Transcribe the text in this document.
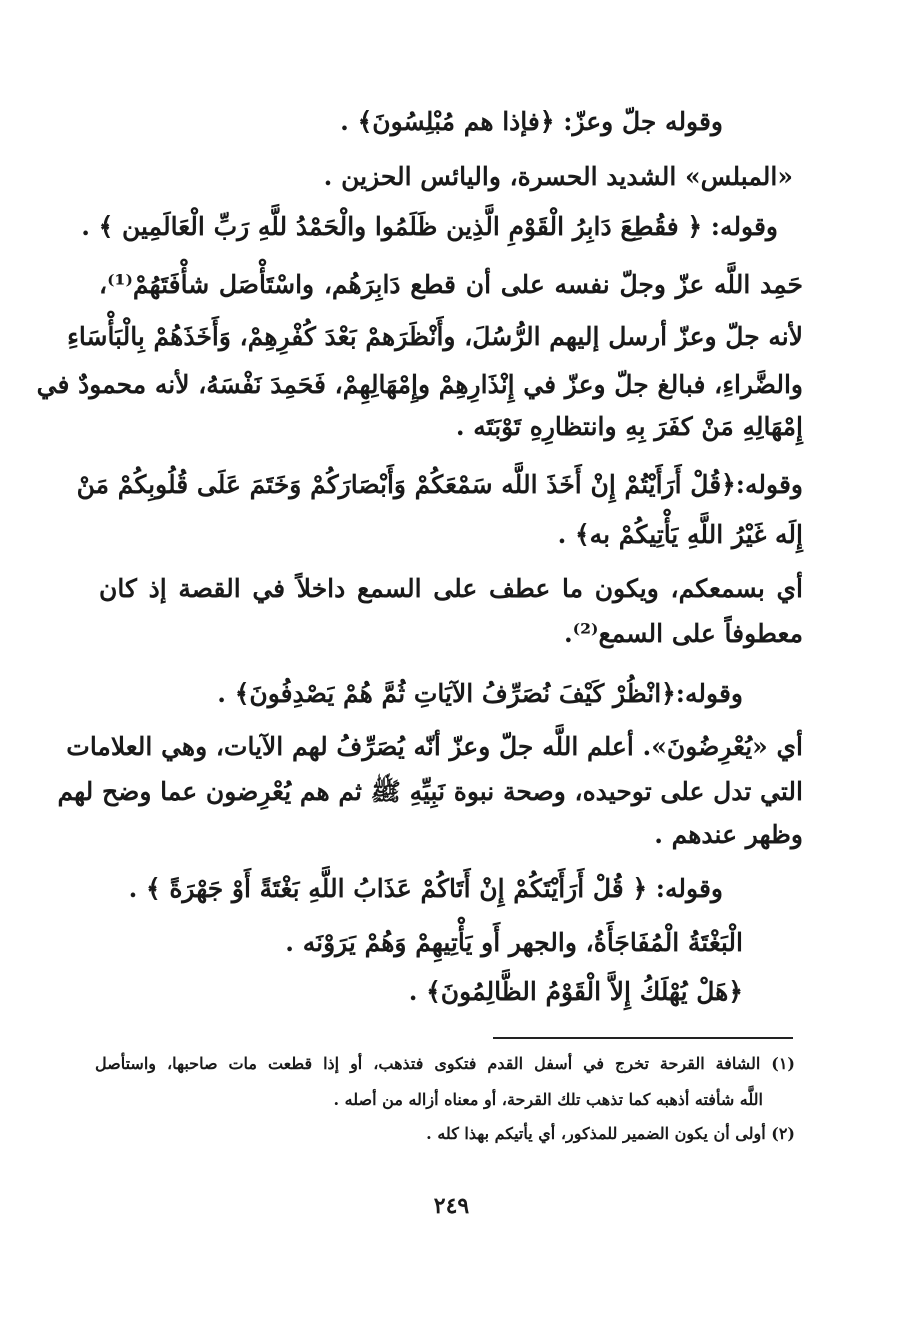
وقوله جلّ وعزّ: ﴿فإذا هم مُبْلِسُونَ﴾ .
«المبلس» الشديد الحسرة، واليائس الحزين .
وقوله: ﴿ فقُطِعَ دَابِرُ الْقَوْمِ الَّذِين ظَلَمُوا والْحَمْدُ للَّهِ رَبِّ الْعَالَمِين ﴾ .
حَمِد اللَّه عزّ وجلّ نفسه على أن قطع دَابِرَهُم، واسْتَأْصَل شأْفَتَهُمْ⁽¹⁾،
لأنه جلّ وعزّ أرسل إليهم الرُّسُلَ، وأَنْظَرَهمْ بَعْدَ كُفْرِهِمْ، وَأَخَذَهُمْ بِالْبَأْسَاءِ
والضَّراءِ، فبالغ جلّ وعزّ في إِنْذَارِهِمْ وإِمْهَالِهِمْ، فَحَمِدَ نَفْسَهُ، لأنه محمودٌ في
إِمْهَالِهِ مَنْ كفَرَ بِهِ وانتظارِهِ تَوْبَتَه .
وقوله:﴿قُلْ أَرَأَيْتُمْ إِنْ أَخَذَ اللَّه سَمْعَكُمْ وَأَبْصَارَكُمْ وَخَتَمَ عَلَى قُلُوبِكُمْ مَنْ
إِلَه غَيْرُ اللَّهِ يَأْتِيكُمْ به﴾ .
أي بسمعكم، ويكون ما عطف على السمع داخلاً في القصة إذ كان
معطوفاً على السمع⁽²⁾.
وقوله:﴿انْظُرْ كَيْفَ نُصَرِّفُ الآيَاتِ ثُمَّ هُمْ يَصْدِفُونَ﴾ .
أي «يُعْرِضُونَ». أعلم اللَّه جلّ وعزّ أنّه يُصَرِّفُ لهم الآيات، وهي العلامات
التي تدل على توحيده، وصحة نبوة نَبِيِّهِ ﷺ ثم هم يُعْرِضون عما وضح لهم
وظهر عندهم .
وقوله: ﴿ قُلْ أَرَأَيْتَكُمْ إِنْ أَتَاكُمْ عَذَابُ اللَّهِ بَغْتَةً أَوْ جَهْرَةً ﴾ .
الْبَغْتَةُ الْمُفَاجَأَةُ، والجهر أَو يَأْتِيهِمْ وَهُمْ يَرَوْنَه .
﴿هَلْ يُهْلَكُ إِلاَّ الْقَوْمُ الظَّالِمُونَ﴾ .
(١) الشافة القرحة تخرج في أسفل القدم فتكوى فتذهب، أو إذا قطعت مات صاحبها، واستأصل
اللَّه شأفته أذهبه كما تذهب تلك القرحة، أو معناه أزاله من أصله .
(٢) أولى أن يكون الضمير للمذكور، أي يأتيكم بهذا كله .
٢٤٩
